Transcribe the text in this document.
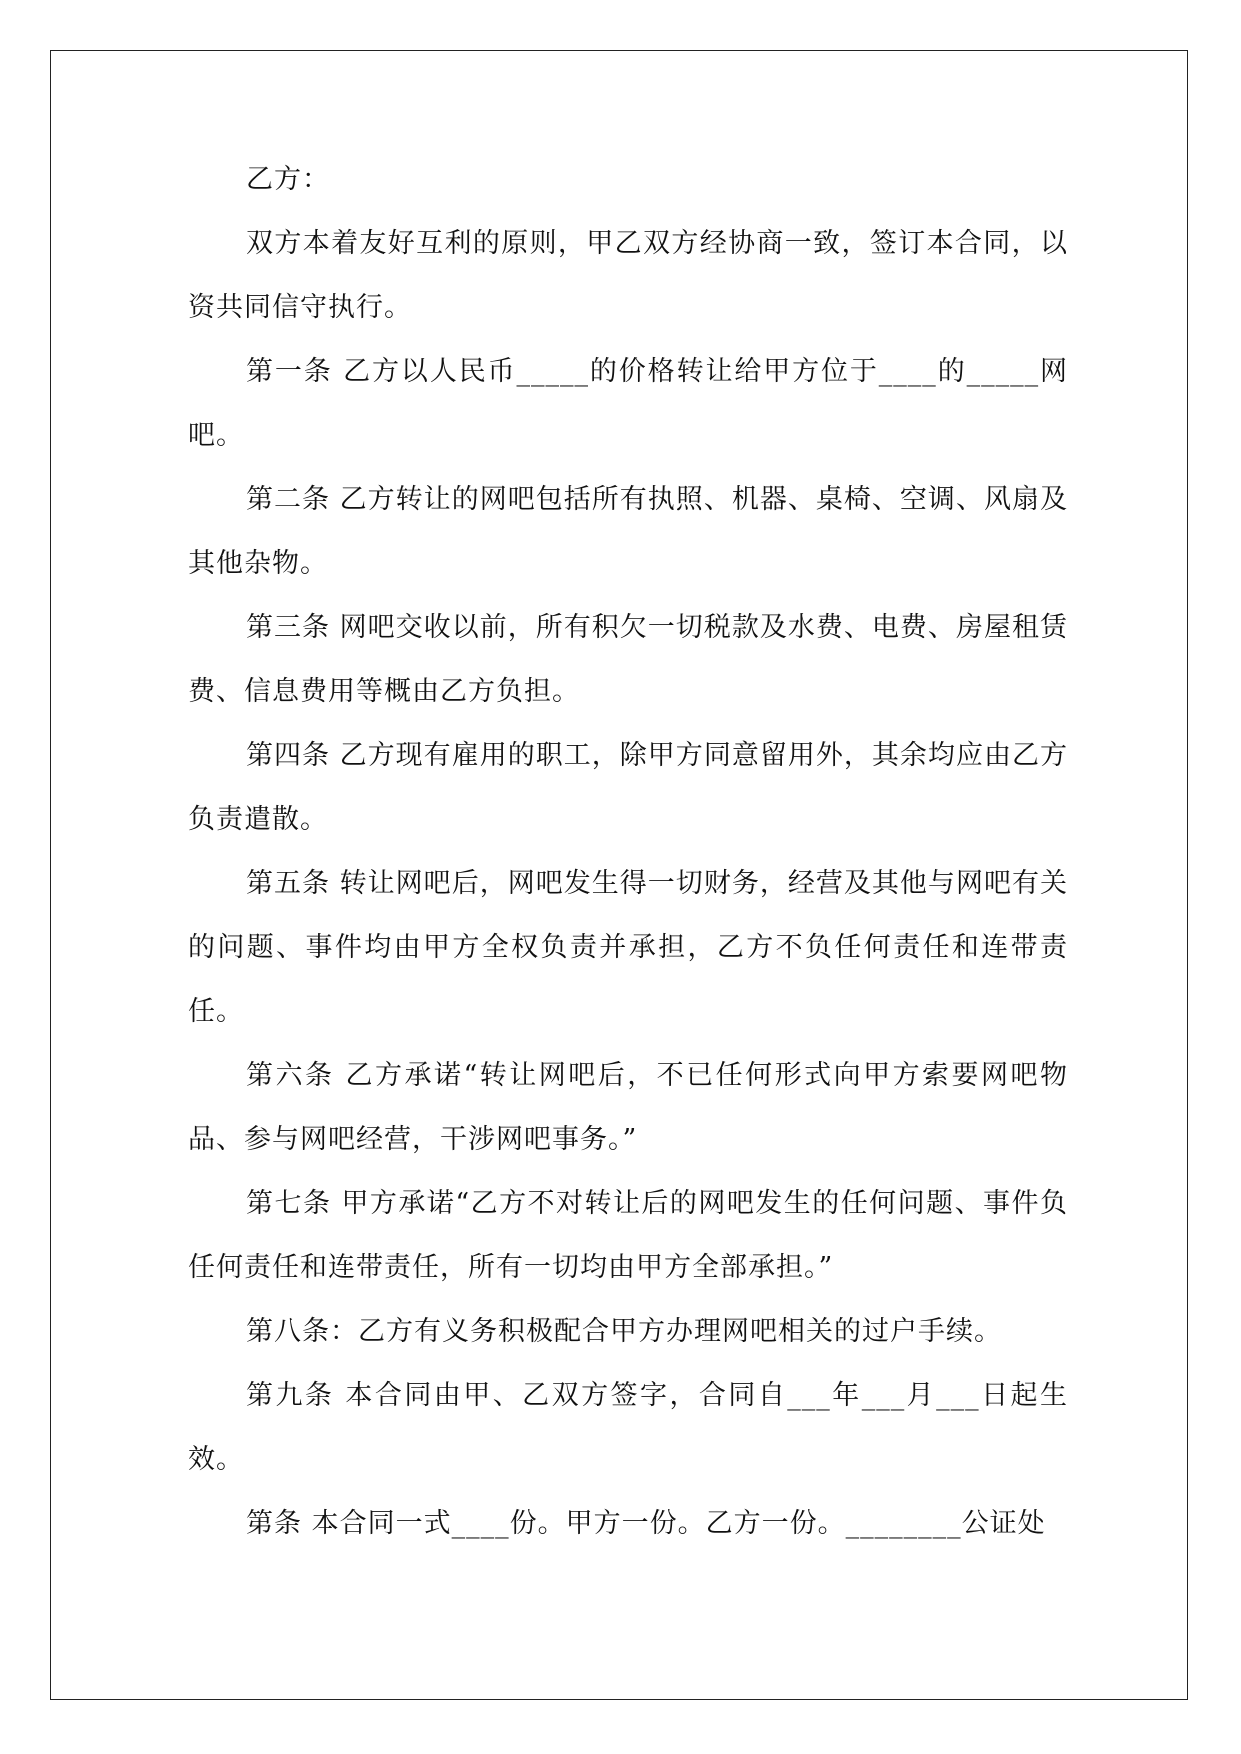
乙方：

双方本着友好互利的原则，甲乙双方经协商一致，签订本合同，以资共同信守执行。

第一条 乙方以人民币_____的价格转让给甲方位于____的_____网吧。

第二条 乙方转让的网吧包括所有执照、机器、桌椅、空调、风扇及其他杂物。

第三条 网吧交收以前，所有积欠一切税款及水费、电费、房屋租赁费、信息费用等概由乙方负担。

第四条 乙方现有雇用的职工，除甲方同意留用外，其余均应由乙方负责遣散。

第五条 转让网吧后，网吧发生得一切财务，经营及其他与网吧有关的问题、事件均由甲方全权负责并承担，乙方不负任何责任和连带责任。

第六条 乙方承诺“转让网吧后，不已任何形式向甲方索要网吧物品、参与网吧经营，干涉网吧事务。”

第七条 甲方承诺“乙方不对转让后的网吧发生的任何问题、事件负任何责任和连带责任，所有一切均由甲方全部承担。”

第八条：乙方有义务积极配合甲方办理网吧相关的过户手续。

第九条 本合同由甲、乙双方签字，合同自___年___月___日起生效。

第条 本合同一式____份。甲方一份。乙方一份。________公证处
